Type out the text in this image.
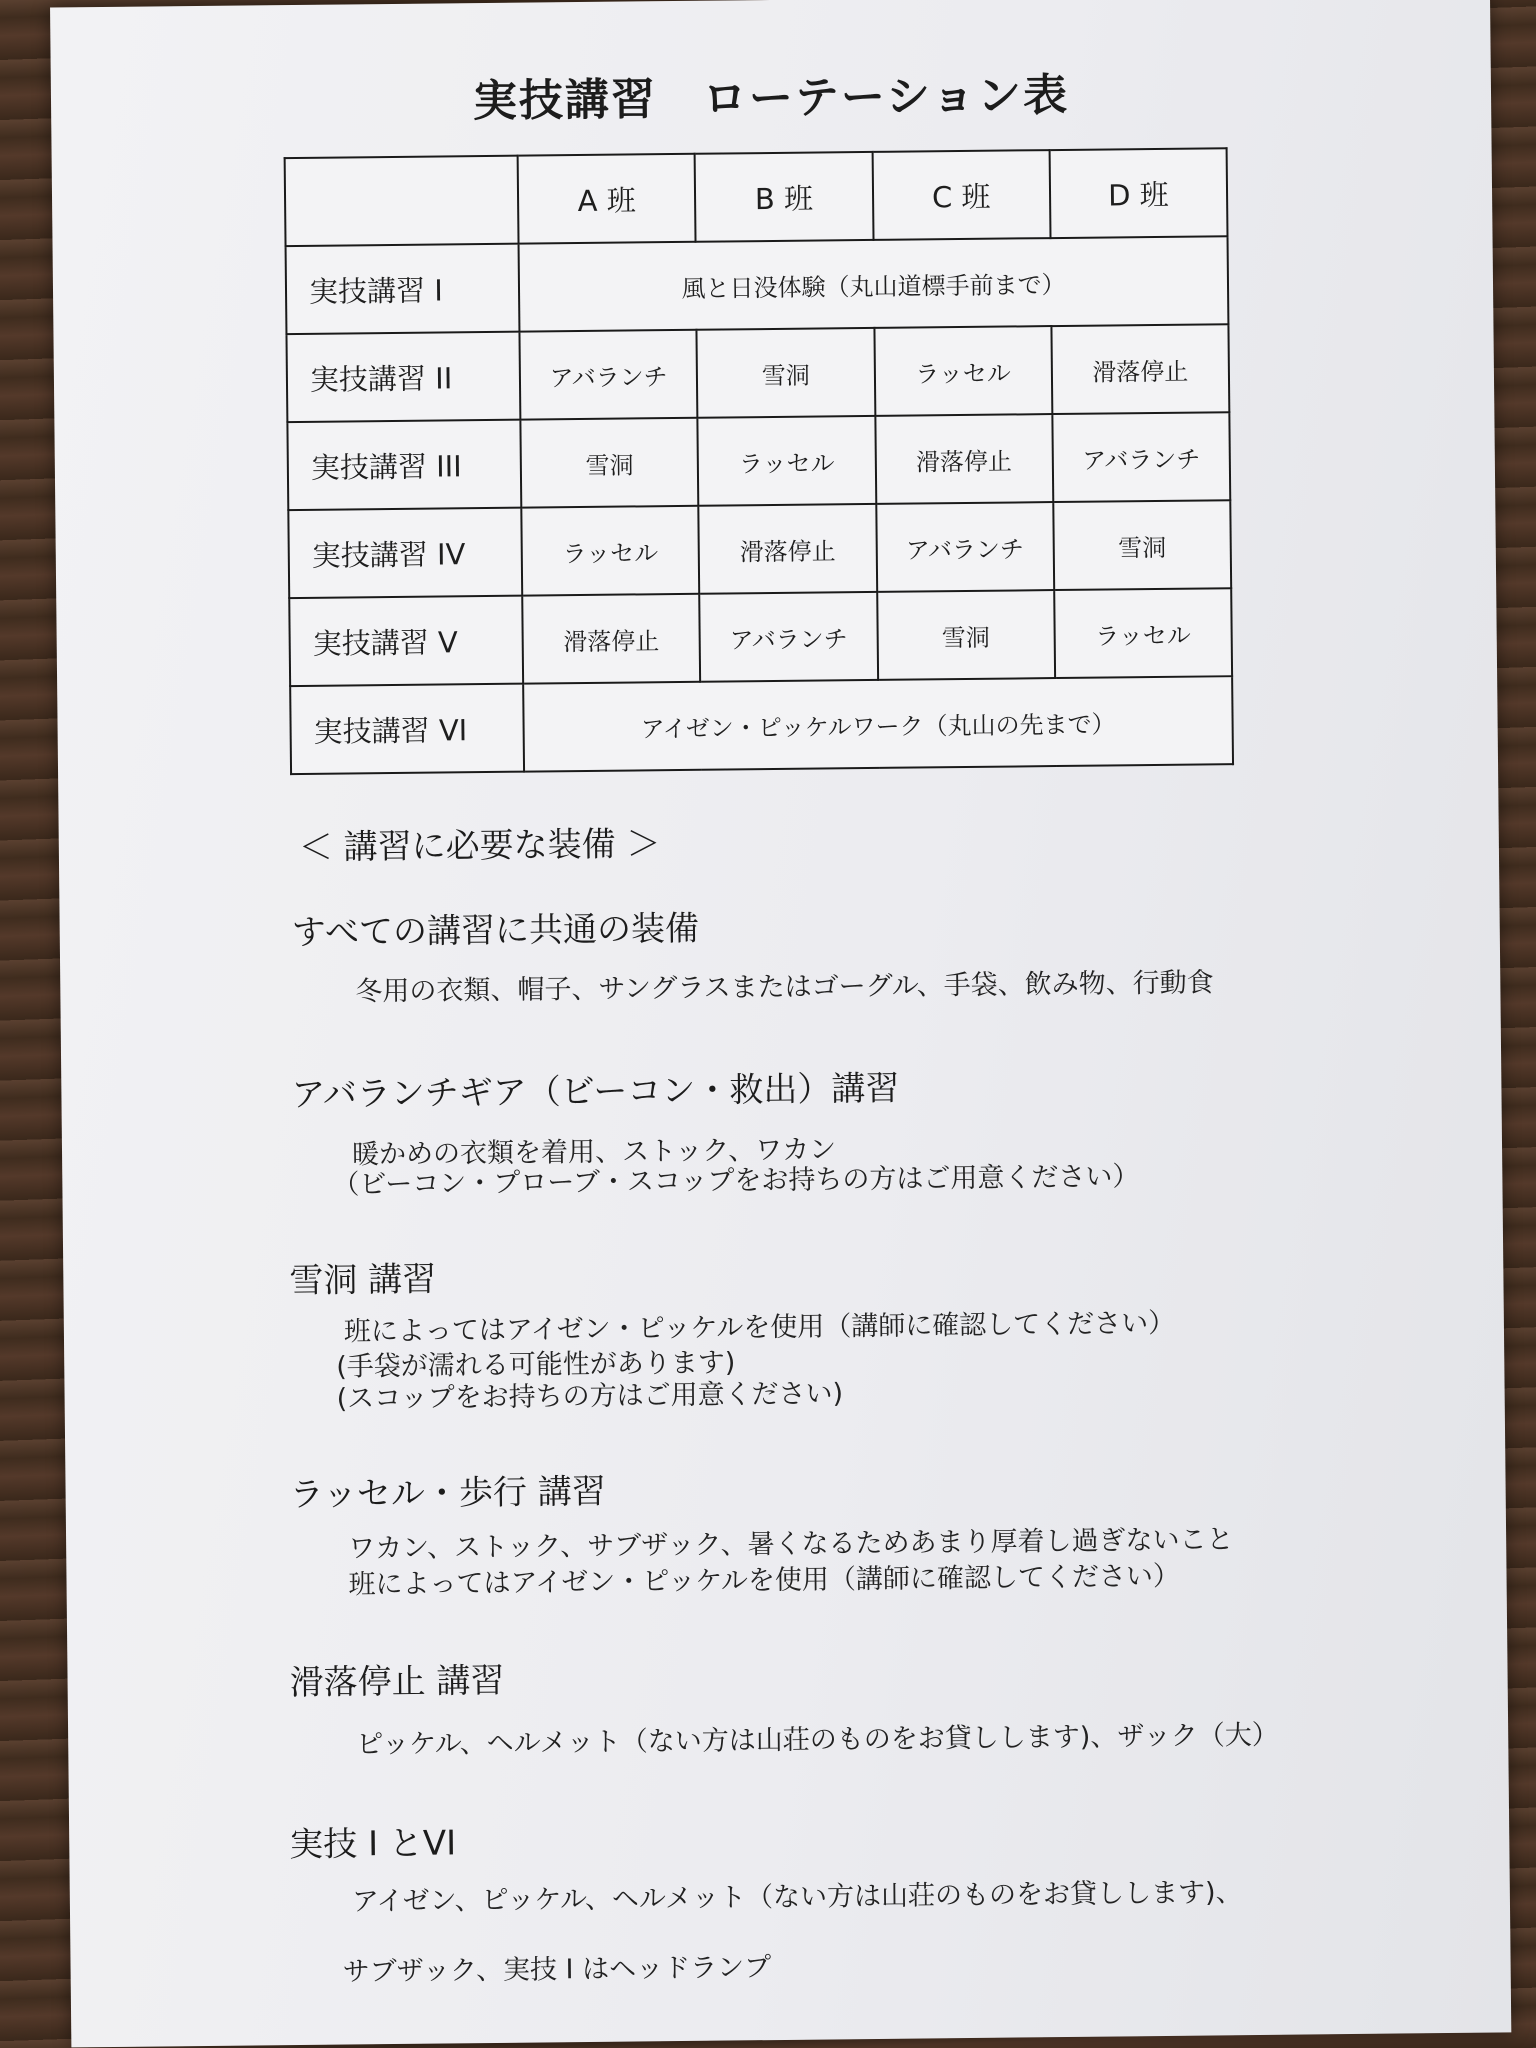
実技講習　ローテーション表
	A 班	B 班	C 班	D 班
実技講習 I	風と日没体験（丸山道標手前まで）			
実技講習 II	アバランチ	雪洞	ラッセル	滑落停止
実技講習 III	雪洞	ラッセル	滑落停止	アバランチ
実技講習 IV	ラッセル	滑落停止	アバランチ	雪洞
実技講習 V	滑落停止	アバランチ	雪洞	ラッセル
実技講習 VI	アイゼン・ピッケルワーク（丸山の先まで）			
＜ 講習に必要な装備 ＞
すべての講習に共通の装備
冬用の衣類、帽子、サングラスまたはゴーグル、手袋、飲み物、行動食
アバランチギア（ビーコン・救出）講習
暖かめの衣類を着用、ストック、ワカン
（ビーコン・プローブ・スコップをお持ちの方はご用意ください）
雪洞 講習
班によってはアイゼン・ピッケルを使用（講師に確認してください）
(手袋が濡れる可能性があります)
(スコップをお持ちの方はご用意ください)
ラッセル・歩行 講習
ワカン、ストック、サブザック、暑くなるためあまり厚着し過ぎないこと
班によってはアイゼン・ピッケルを使用（講師に確認してください）
滑落停止 講習
ピッケル、ヘルメット（ない方は山荘のものをお貸しします)、ザック（大）
実技 I とVI
アイゼン、ピッケル、ヘルメット（ない方は山荘のものをお貸しします)、
サブザック、実技 I はヘッドランプ
